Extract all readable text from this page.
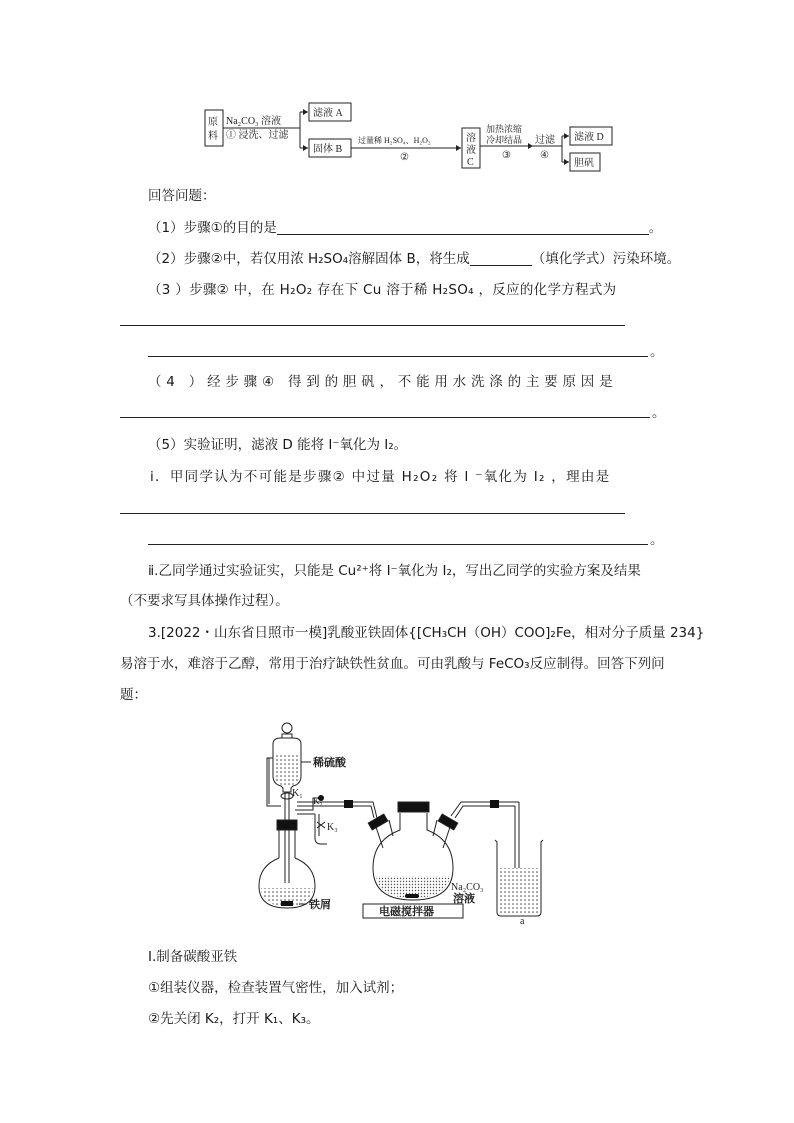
原
料
Na₂CO₃ 溶液
① 浸洗、过滤
滤液 A
固体 B
过量稀 H₂SO₄、H₂O₂
②
溶
液
C
加热浓缩
冷却结晶
③
过滤
④
滤液 D
胆矾
回答问题：
（1）步骤①的目的是	。
（2）步骤②中，若仅用浓 H₂SO₄溶解固体 B，将生成	（填化学式）污染环境。
（3 ）步骤② 中，在 H₂O₂ 存在下 Cu 溶于稀 H₂SO₄ ，反应的化学方程式为
。
（4 ）经步骤④ 得到的胆矾，不能用水洗涤的主要原因是
。
（5）实验证明，滤液 D 能将 I⁻氧化为 I₂。
ⅰ．甲同学认为不可能是步骤② 中过量 H₂O₂ 将 I ⁻氧化为 I₂ ，理由是
。
ⅱ.乙同学通过实验证实，只能是 Cu²⁺将 I⁻氧化为 I₂，写出乙同学的实验方案及结果
（不要求写具体操作过程）。
3.[2022・山东省日照市一模]乳酸亚铁固体{[CH₃CH（OH）COO]₂Fe，相对分子质量 234}
易溶于水，难溶于乙醇，常用于治疗缺铁性贫血。可由乳酸与 FeCO₃反应制得。回答下列问
题：
稀硫酸
K₁
K₂
K₃
铁屑
Na₂CO₃
溶液
电磁搅拌器
a
Ⅰ.制备碳酸亚铁
①组装仪器，检查装置气密性，加入试剂；
②先关闭 K₂，打开 K₁、K₃。
